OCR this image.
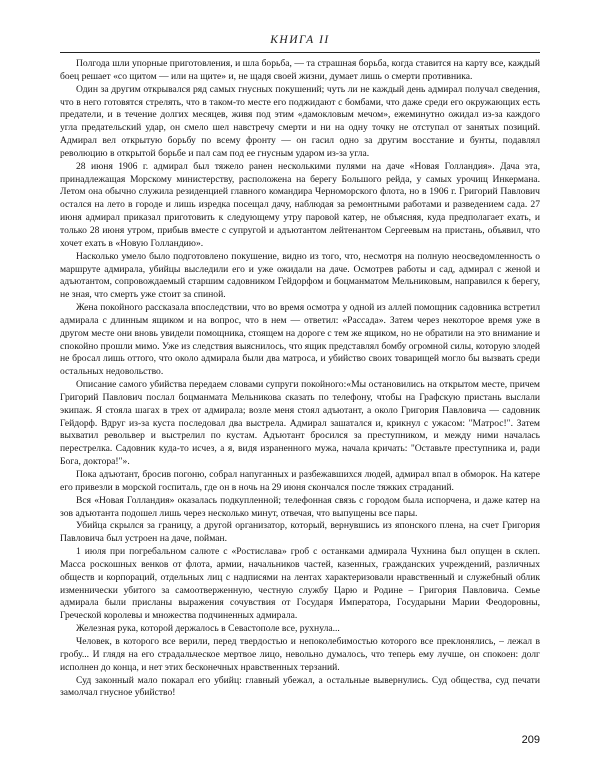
КНИГА II

Полгода шли упорные приготовления, и шла борьба, — та страшная борьба, когда ставится на карту все, каждый боец решает «со щитом — или на щите» и, не щадя своей жизни, думает лишь о смерти противника.

Один за другим открывался ряд самых гнусных покушений; чуть ли не каждый день адмирал получал сведения, что в него готовятся стрелять, что в таком-то месте его поджидают с бомбами, что даже среди его окружающих есть предатели, и в течение долгих месяцев, живя под этим «дамокловым мечом», ежеминутно ожидал из-за каждого угла предательский удар, он смело шел навстречу смерти и ни на одну точку не отступал от занятых позиций. Адмирал вел открытую борьбу по всему фронту — он гасил одно за другим восстание и бунты, подавлял революцию в открытой борьбе и пал сам под ее гнусным ударом из-за угла.

28 июня 1906 г. адмирал был тяжело ранен несколькими пулями на даче «Новая Голландия». Дача эта, принадлежащая Морскому министерству, расположена на берегу Большого рейда, у самых урочищ Инкермана. Летом она обычно служила резиденцией главного командира Черноморского флота, но в 1906 г. Григорий Павлович остался на лето в городе и лишь изредка посещал дачу, наблюдая за ремонтными работами и разведением сада. 27 июня адмирал приказал приготовить к следующему утру паровой катер, не объясняя, куда предполагает ехать, и только 28 июня утром, прибыв вместе с супругой и адъютантом лейтенантом Сергеевым на пристань, объявил, что хочет ехать в «Новую Голландию».

Насколько умело было подготовлено покушение, видно из того, что, несмотря на полную неосведомленность о маршруте адмирала, убийцы выследили его и уже ожидали на даче. Осмотрев работы и сад, адмирал с женой и адъютантом, сопровождаемый старшим садовником Гейдорфом и боцманматом Мельниковым, направился к берегу, не зная, что смерть уже стоит за спиной.

Жена покойного рассказала впоследствии, что во время осмотра у одной из аллей помощник садовника встретил адмирала с длинным ящиком и на вопрос, что в нем — ответил: «Рассада». Затем через некоторое время уже в другом месте они вновь увидели помощника, стоящем на дороге с тем же ящиком, но не обратили на это внимание и спокойно прошли мимо. Уже из следствия выяснилось, что ящик представлял бомбу огромной силы, которую злодей не бросал лишь оттого, что около адмирала были два матроса, и убийство своих товарищей могло бы вызвать среди остальных недовольство.

Описание самого убийства передаем словами супруги покойного:«Мы остановились на открытом месте, причем Григорий Павлович послал боцманмата Мельникова сказать по телефону, чтобы на Графскую пристань выслали экипаж. Я стояла шагах в трех от адмирала; возле меня стоял адъютант, а около Григория Павловича — садовник Гейдорф. Вдруг из-за куста последовал два выстрела. Адмирал зашатался и, крикнул с ужасом: "Матрос!". Затем выхватил револьвер и выстрелил по кустам. Адъютант бросился за преступником, и между ними началась перестрелка. Садовник куда-то исчез, а я, видя израненного мужа, начала кричать: "Оставьте преступника и, ради Бога, доктора!"».

Пока адъютант, бросив погоню, собрал напуганных и разбежавшихся людей, адмирал впал в обморок. На катере его привезли в морской госпиталь, где он в ночь на 29 июня скончался после тяжких страданий.

Вся «Новая Голландия» оказалась подкупленной; телефонная связь с городом была испорчена, и даже катер на зов адъютанта подошел лишь через несколько минут, отвечая, что выпущены все пары.

Убийца скрылся за границу, а другой организатор, который, вернувшись из японского плена, на счет Григория Павловича был устроен на даче, пойман.

1 июля при погребальном салюте с «Ростислава» гроб с останками адмирала Чухнина был опущен в склеп. Масса роскошных венков от флота, армии, начальников частей, казенных, гражданских учреждений, различных обществ и корпораций, отдельных лиц с надписями на лентах характеризовали нравственный и служебный облик изменнически убитого за самоотверженную, честную службу Царю и Родине – Григория Павловича. Семье адмирала были присланы выражения сочувствия от Государя Императора, Государыни Марии Феодоровны, Греческой королевы и множества подчиненных адмирала.

Железная рука, которой держалось в Севастополе все, рухнула...

Человек, в которого все верили, перед твердостью и непоколебимостью которого все преклонялись, – лежал в гробу... И глядя на его страдальческое мертвое лицо, невольно думалось, что теперь ему лучше, он спокоен: долг исполнен до конца, и нет этих бесконечных нравственных терзаний.

Суд законный мало покарал его убийц: главный убежал, а остальные вывернулись. Суд общества, суд печати замолчал гнусное убийство!

209
